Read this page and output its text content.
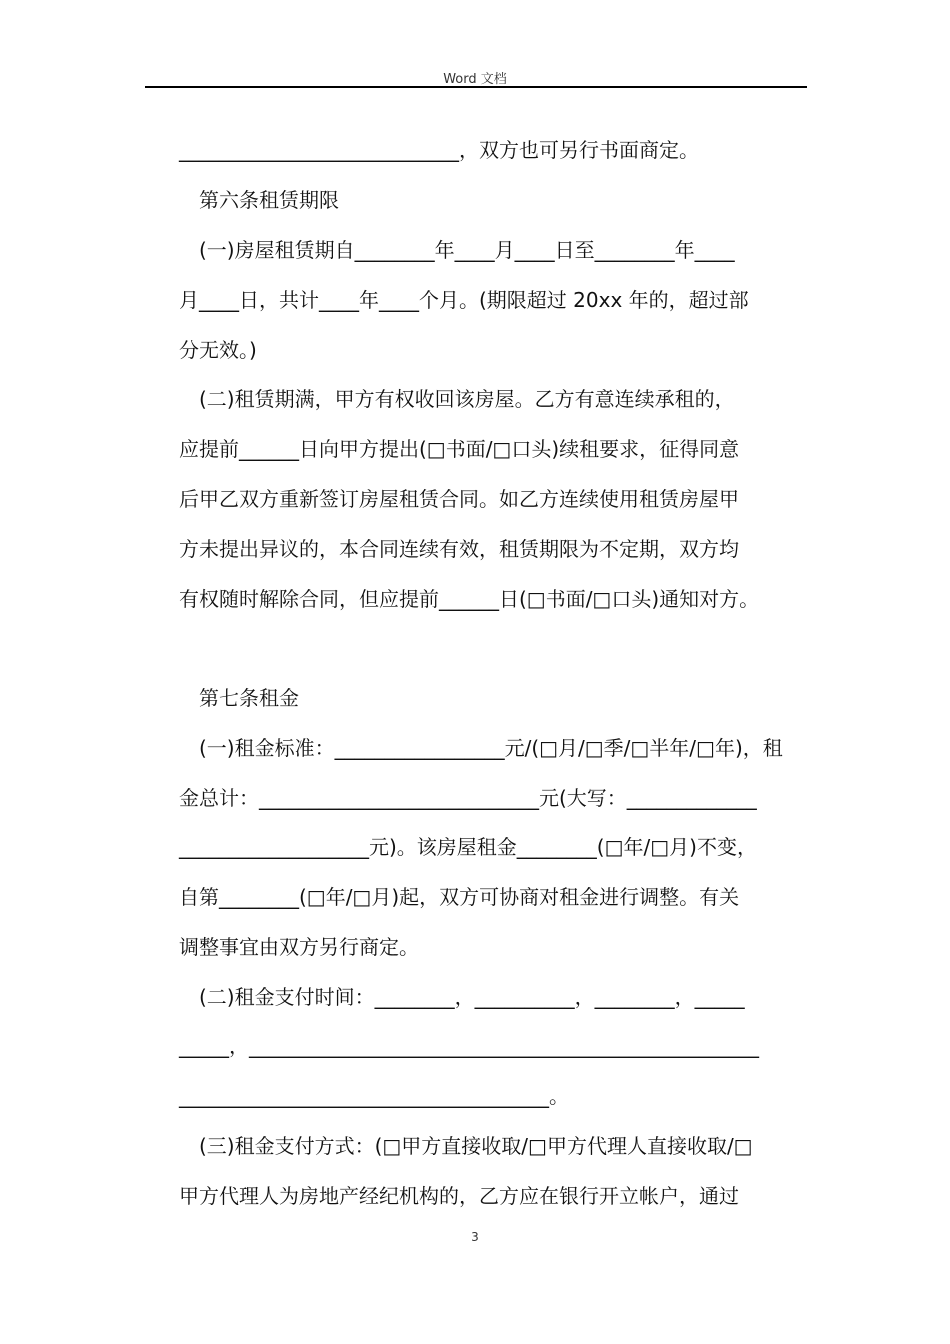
Word 文档
____________________________，双方也可另行书面商定。
第六条租赁期限
(一)房屋租赁期自________年____月____日至________年____
月____日，共计____年____个月。(期限超过 20xx 年的，超过部
分无效。)
(二)租赁期满，甲方有权收回该房屋。乙方有意连续承租的，
应提前______日向甲方提出(□书面/□口头)续租要求，征得同意
后甲乙双方重新签订房屋租赁合同。如乙方连续使用租赁房屋甲
方未提出异议的，本合同连续有效，租赁期限为不定期，双方均
有权随时解除合同，但应提前______日(□书面/□口头)通知对方。
第七条租金
(一)租金标准：_________________元/(□月/□季/□半年/□年)，租
金总计：____________________________元(大写：_____________
___________________元)。该房屋租金________(□年/□月)不变，
自第________(□年/□月)起，双方可协商对租金进行调整。有关
调整事宜由双方另行商定。
(二)租金支付时间：________，__________，________，_____
_____，___________________________________________________
_____________________________________。
(三)租金支付方式：(□甲方直接收取/□甲方代理人直接收取/□
甲方代理人为房地产经纪机构的，乙方应在银行开立帐户，通过
3
